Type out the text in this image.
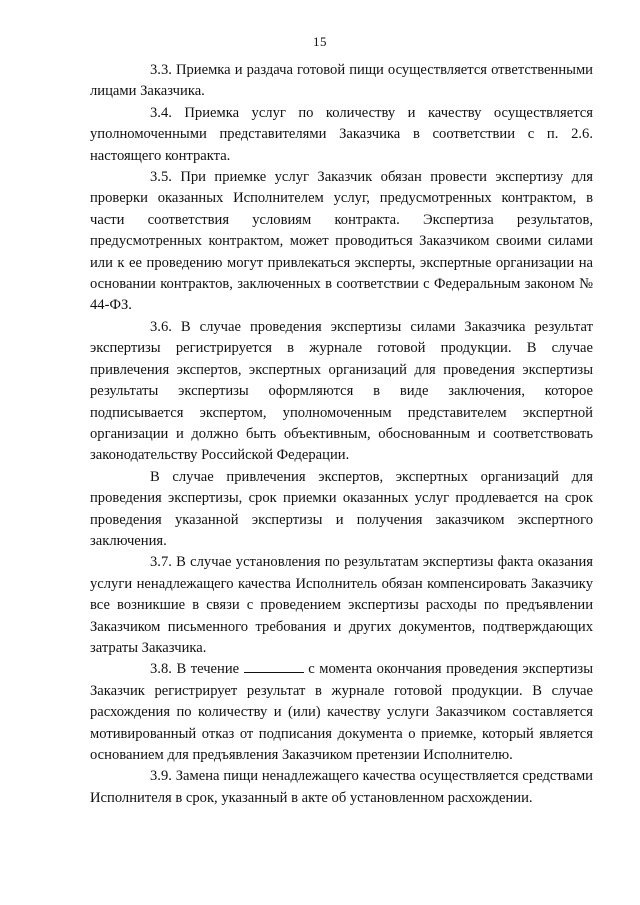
15

3.3. Приемка и раздача готовой пищи осуществляется ответственными лицами Заказчика.

3.4. Приемка услуг по количеству и качеству осуществляется уполномоченными представителями Заказчика в соответствии с п. 2.6. настоящего контракта.

3.5. При приемке услуг Заказчик обязан провести экспертизу для проверки оказанных Исполнителем услуг, предусмотренных контрактом, в части соответствия условиям контракта. Экспертиза результатов, предусмотренных контрактом, может проводиться Заказчиком своими силами или к ее проведению могут привлекаться эксперты, экспертные организации на основании контрактов, заключенных в соответствии с Федеральным законом № 44-ФЗ.

3.6. В случае проведения экспертизы силами Заказчика результат экспертизы регистрируется в журнале готовой продукции. В случае привлечения экспертов, экспертных организаций для проведения экспертизы результаты экспертизы оформляются в виде заключения, которое подписывается экспертом, уполномоченным представителем экспертной организации и должно быть объективным, обоснованным и соответствовать законодательству Российской Федерации.

В случае привлечения экспертов, экспертных организаций для проведения экспертизы, срок приемки оказанных услуг продлевается на срок проведения указанной экспертизы и получения заказчиком экспертного заключения.

3.7. В случае установления по результатам экспертизы факта оказания услуги ненадлежащего качества Исполнитель обязан компенсировать Заказчику все возникшие в связи с проведением экспертизы расходы по предъявлении Заказчиком письменного требования и других документов, подтверждающих затраты Заказчика.

3.8. В течение	с момента окончания проведения экспертизы Заказчик регистрирует результат в журнале готовой продукции. В случае расхождения по количеству и (или) качеству услуги Заказчиком составляется мотивированный отказ от подписания документа о приемке, который является основанием для предъявления Заказчиком претензии Исполнителю.

3.9. Замена пищи ненадлежащего качества осуществляется средствами Исполнителя в срок, указанный в акте об установленном расхождении.
